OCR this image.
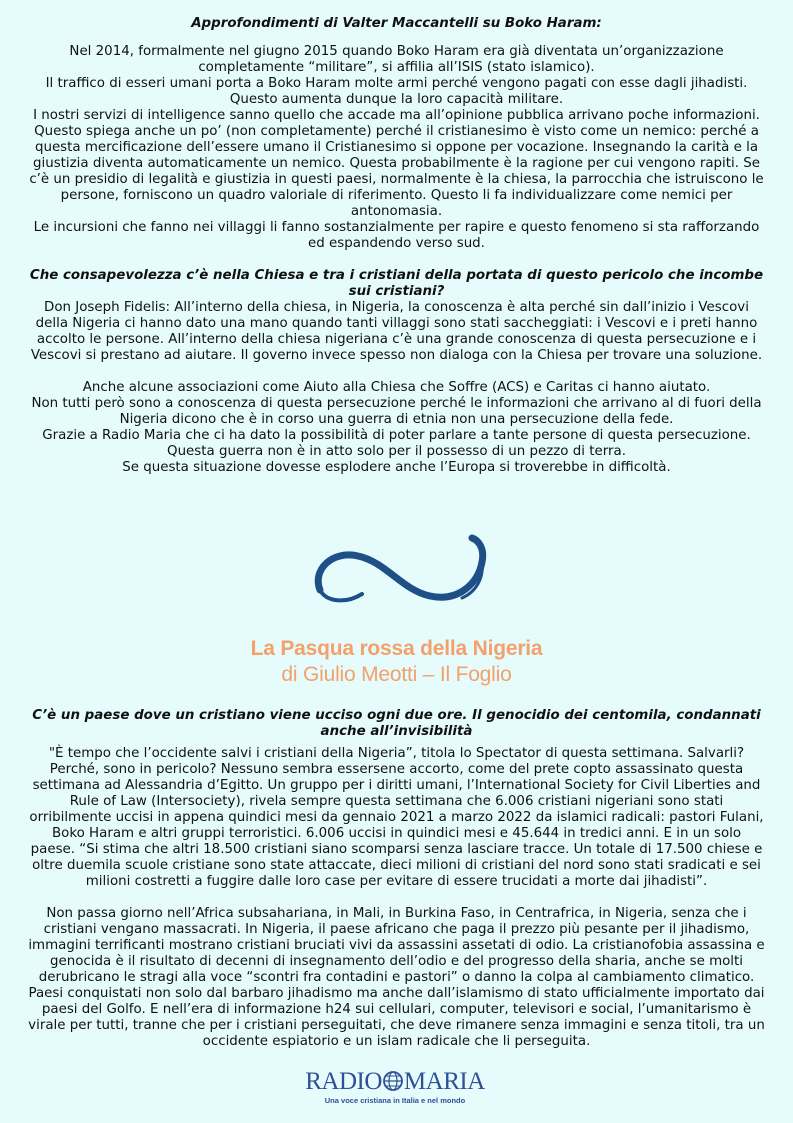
Approfondimenti di Valter Maccantelli su Boko Haram:

Nel 2014, formalmente nel giugno 2015 quando Boko Haram era già diventata un’organizzazione completamente “militare”, si affilia all’ISIS (stato islamico).

Il traffico di esseri umani porta a Boko Haram molte armi perché vengono pagati con esse dagli jihadisti. Questo aumenta dunque la loro capacità militare.

I nostri servizi di intelligence sanno quello che accade ma all’opinione pubblica arrivano poche informazioni. Questo spiega anche un po’ (non completamente) perché il cristianesimo è visto come un nemico: perché a questa mercificazione dell’essere umano il Cristianesimo si oppone per vocazione. Insegnando la carità e la giustizia diventa automaticamente un nemico. Questa probabilmente è la ragione per cui vengono rapiti. Se c’è un presidio di legalità e giustizia in questi paesi, normalmente è la chiesa, la parrocchia che istruiscono le persone, forniscono un quadro valoriale di riferimento. Questo li fa individualizzare come nemici per antonomasia.

Le incursioni che fanno nei villaggi li fanno sostanzialmente per rapire e questo fenomeno si sta rafforzando ed espandendo verso sud.

Che consapevolezza c’è nella Chiesa e tra i cristiani della portata di questo pericolo che incombe sui cristiani?

Don Joseph Fidelis: All’interno della chiesa, in Nigeria, la conoscenza è alta perché sin dall’inizio i Vescovi della Nigeria ci hanno dato una mano quando tanti villaggi sono stati saccheggiati: i Vescovi e i preti hanno accolto le persone. All’interno della chiesa nigeriana c’è una grande conoscenza di questa persecuzione e i Vescovi si prestano ad aiutare. Il governo invece spesso non dialoga con la Chiesa per trovare una soluzione.

Anche alcune associazioni come Aiuto alla Chiesa che Soffre (ACS) e Caritas ci hanno aiutato.

Non tutti però sono a conoscenza di questa persecuzione perché le informazioni che arrivano al di fuori della Nigeria dicono che è in corso una guerra di etnia non una persecuzione della fede.

Grazie a Radio Maria che ci ha dato la possibilità di poter parlare a tante persone di questa persecuzione. Questa guerra non è in atto solo per il possesso di un pezzo di terra.

Se questa situazione dovesse esplodere anche l’Europa si troverebbe in difficoltà.

La Pasqua rossa della Nigeria
di Giulio Meotti – Il Foglio

C’è un paese dove un cristiano viene ucciso ogni due ore. Il genocidio dei centomila, condannati anche all’invisibilità

"È tempo che l’occidente salvi i cristiani della Nigeria”, titola lo Spectator di questa settimana. Salvarli? Perché, sono in pericolo? Nessuno sembra essersene accorto, come del prete copto assassinato questa settimana ad Alessandria d’Egitto. Un gruppo per i diritti umani, l’International Society for Civil Liberties and Rule of Law (Intersociety), rivela sempre questa settimana che 6.006 cristiani nigeriani sono stati orribilmente uccisi in appena quindici mesi da gennaio 2021 a marzo 2022 da islamici radicali: pastori Fulani, Boko Haram e altri gruppi terroristici. 6.006 uccisi in quindici mesi e 45.644 in tredici anni. E in un solo paese. “Si stima che altri 18.500 cristiani siano scomparsi senza lasciare tracce. Un totale di 17.500 chiese e oltre duemila scuole cristiane sono state attaccate, dieci milioni di cristiani del nord sono stati sradicati e sei milioni costretti a fuggire dalle loro case per evitare di essere trucidati a morte dai jihadisti”.

Non passa giorno nell’Africa subsahariana, in Mali, in Burkina Faso, in Centrafrica, in Nigeria, senza che i cristiani vengano massacrati. In Nigeria, il paese africano che paga il prezzo più pesante per il jihadismo, immagini terrificanti mostrano cristiani bruciati vivi da assassini assetati di odio. La cristianofobia assassina e genocida è il risultato di decenni di insegnamento dell’odio e del progresso della sharia, anche se molti derubricano le stragi alla voce “scontri fra contadini e pastori” o danno la colpa al cambiamento climatico. Paesi conquistati non solo dal barbaro jihadismo ma anche dall’islamismo di stato ufficialmente importato dai paesi del Golfo. E nell’era di informazione h24 sui cellulari, computer, televisori e social, l’umanitarismo è virale per tutti, tranne che per i cristiani perseguitati, che deve rimanere senza immagini e senza titoli, tra un occidente espiatorio e un islam radicale che li perseguita.

RADIO MARIA
Una voce cristiana in Italia e nel mondo
